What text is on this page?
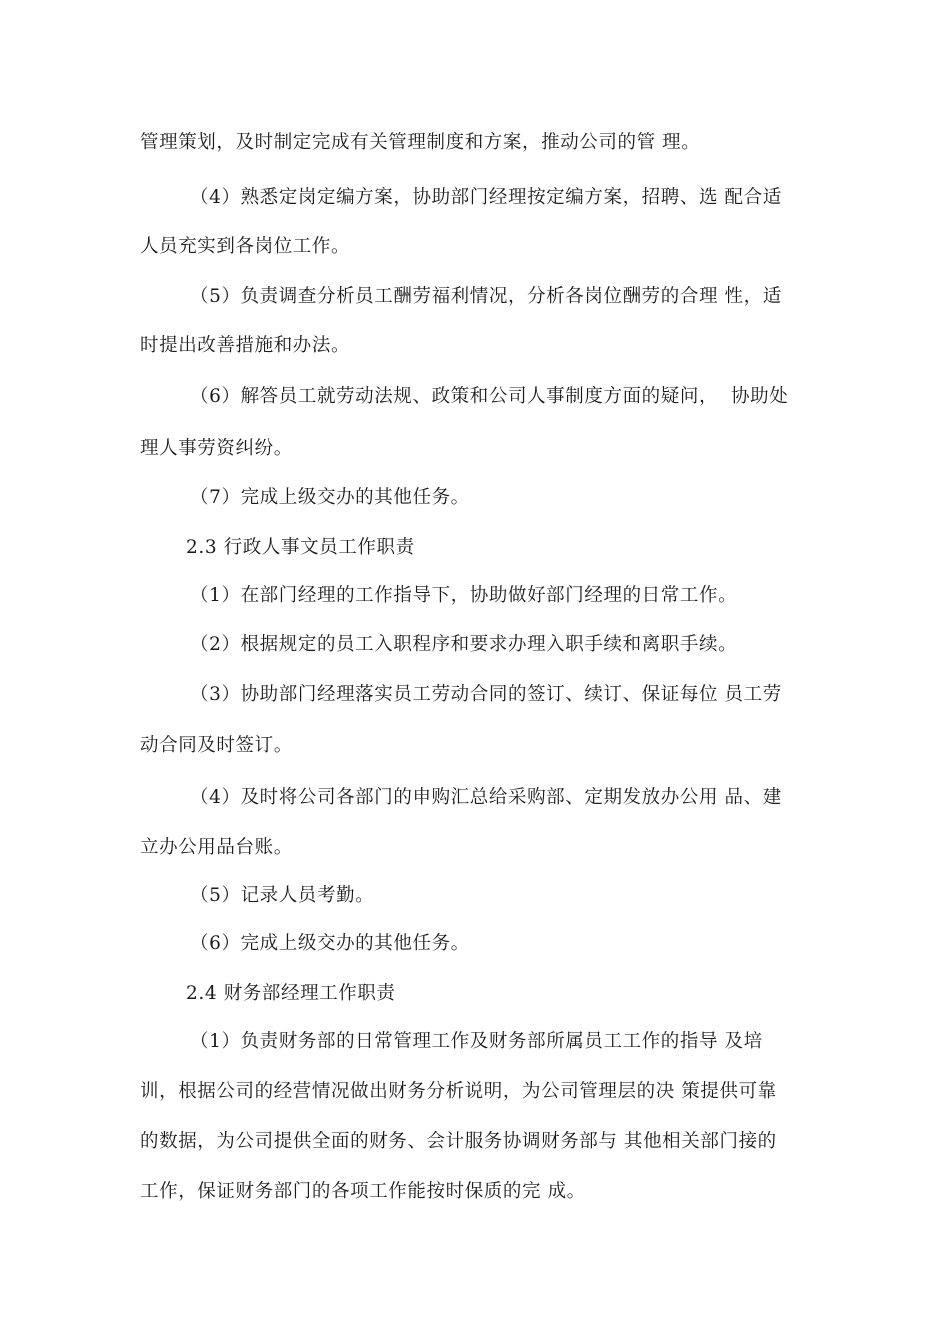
管理策划，及时制定完成有关管理制度和方案，推动公司的管 理。
（4）熟悉定岗定编方案，协助部门经理按定编方案，招聘、选 配合适
人员充实到各岗位工作。
（5）负责调查分析员工酬劳福利情况，分析各岗位酬劳的合理 性，适
时提出改善措施和办法。
（6）解答员工就劳动法规、政策和公司人事制度方面的疑问，  协助处
理人事劳资纠纷。
（7）完成上级交办的其他任务。
2.3 行政人事文员工作职责
（1）在部门经理的工作指导下，协助做好部门经理的日常工作。
（2）根据规定的员工入职程序和要求办理入职手续和离职手续。
（3）协助部门经理落实员工劳动合同的签订、续订、保证每位 员工劳
动合同及时签订。
（4）及时将公司各部门的申购汇总给采购部、定期发放办公用 品、建
立办公用品台账。
（5）记录人员考勤。
（6）完成上级交办的其他任务。
2.4 财务部经理工作职责
（1）负责财务部的日常管理工作及财务部所属员工工作的指导 及培
训，根据公司的经营情况做出财务分析说明，为公司管理层的决 策提供可靠
的数据，为公司提供全面的财务、会计服务协调财务部与 其他相关部门接的
工作，保证财务部门的各项工作能按时保质的完 成。
